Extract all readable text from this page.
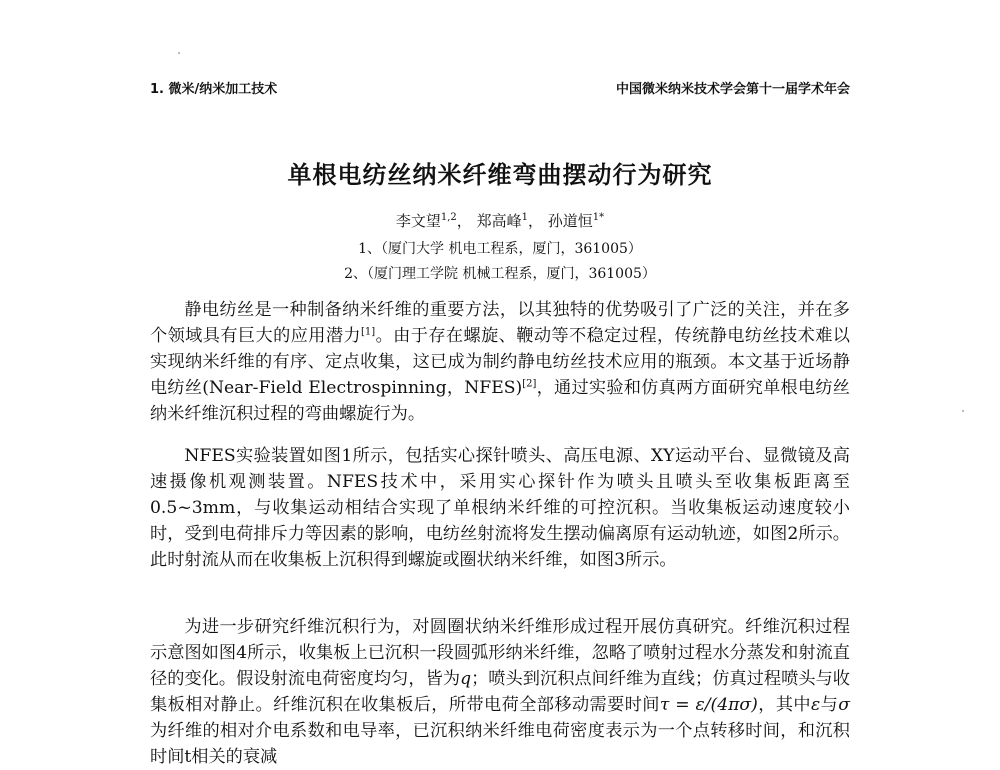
1. 微米/纳米加工技术	中国微米纳米技术学会第十一届学术年会
单根电纺丝纳米纤维弯曲摆动行为研究
李文望$^{1,2}$， 郑高峰$^1$， 孙道恒$^{1*}$
1、（厦门大学 机电工程系，厦门，361005）
2、（厦门理工学院 机械工程系，厦门，361005）

静电纺丝是一种制备纳米纤维的重要方法，以其独特的优势吸引了广泛的关注，并在多个领域具有巨大的应用潜力[1]。由于存在螺旋、鞭动等不稳定过程，传统静电纺丝技术难以实现纳米纤维的有序、定点收集，这已成为制约静电纺丝技术应用的瓶颈。本文基于近场静电纺丝(Near-Field Electrospinning，NFES)[2]，通过实验和仿真两方面研究单根电纺丝纳米纤维沉积过程的弯曲螺旋行为。

NFES实验装置如图1所示，包括实心探针喷头、高压电源、XY运动平台、显微镜及高速摄像机观测装置。NFES技术中，采用实心探针作为喷头且喷头至收集板距离至0.5~3mm，与收集运动相结合实现了单根纳米纤维的可控沉积。当收集板运动速度较小时，受到电荷排斥力等因素的影响，电纺丝射流将发生摆动偏离原有运动轨迹，如图2所示。此时射流从而在收集板上沉积得到螺旋或圈状纳米纤维，如图3所示。

为进一步研究纤维沉积行为，对圆圈状纳米纤维形成过程开展仿真研究。纤维沉积过程示意图如图4所示，收集板上已沉积一段圆弧形纳米纤维，忽略了喷射过程水分蒸发和射流直径的变化。假设射流电荷密度均匀，皆为q；喷头到沉积点间纤维为直线；仿真过程喷头与收集板相对静止。纤维沉积在收集板后，所带电荷全部移动需要时间τ = ε/(4πσ)，其中ε与σ为纤维的相对介电系数和电导率，已沉积纳米纤维电荷密度表示为一个点转移时间，和沉积时间t相关的衰减
